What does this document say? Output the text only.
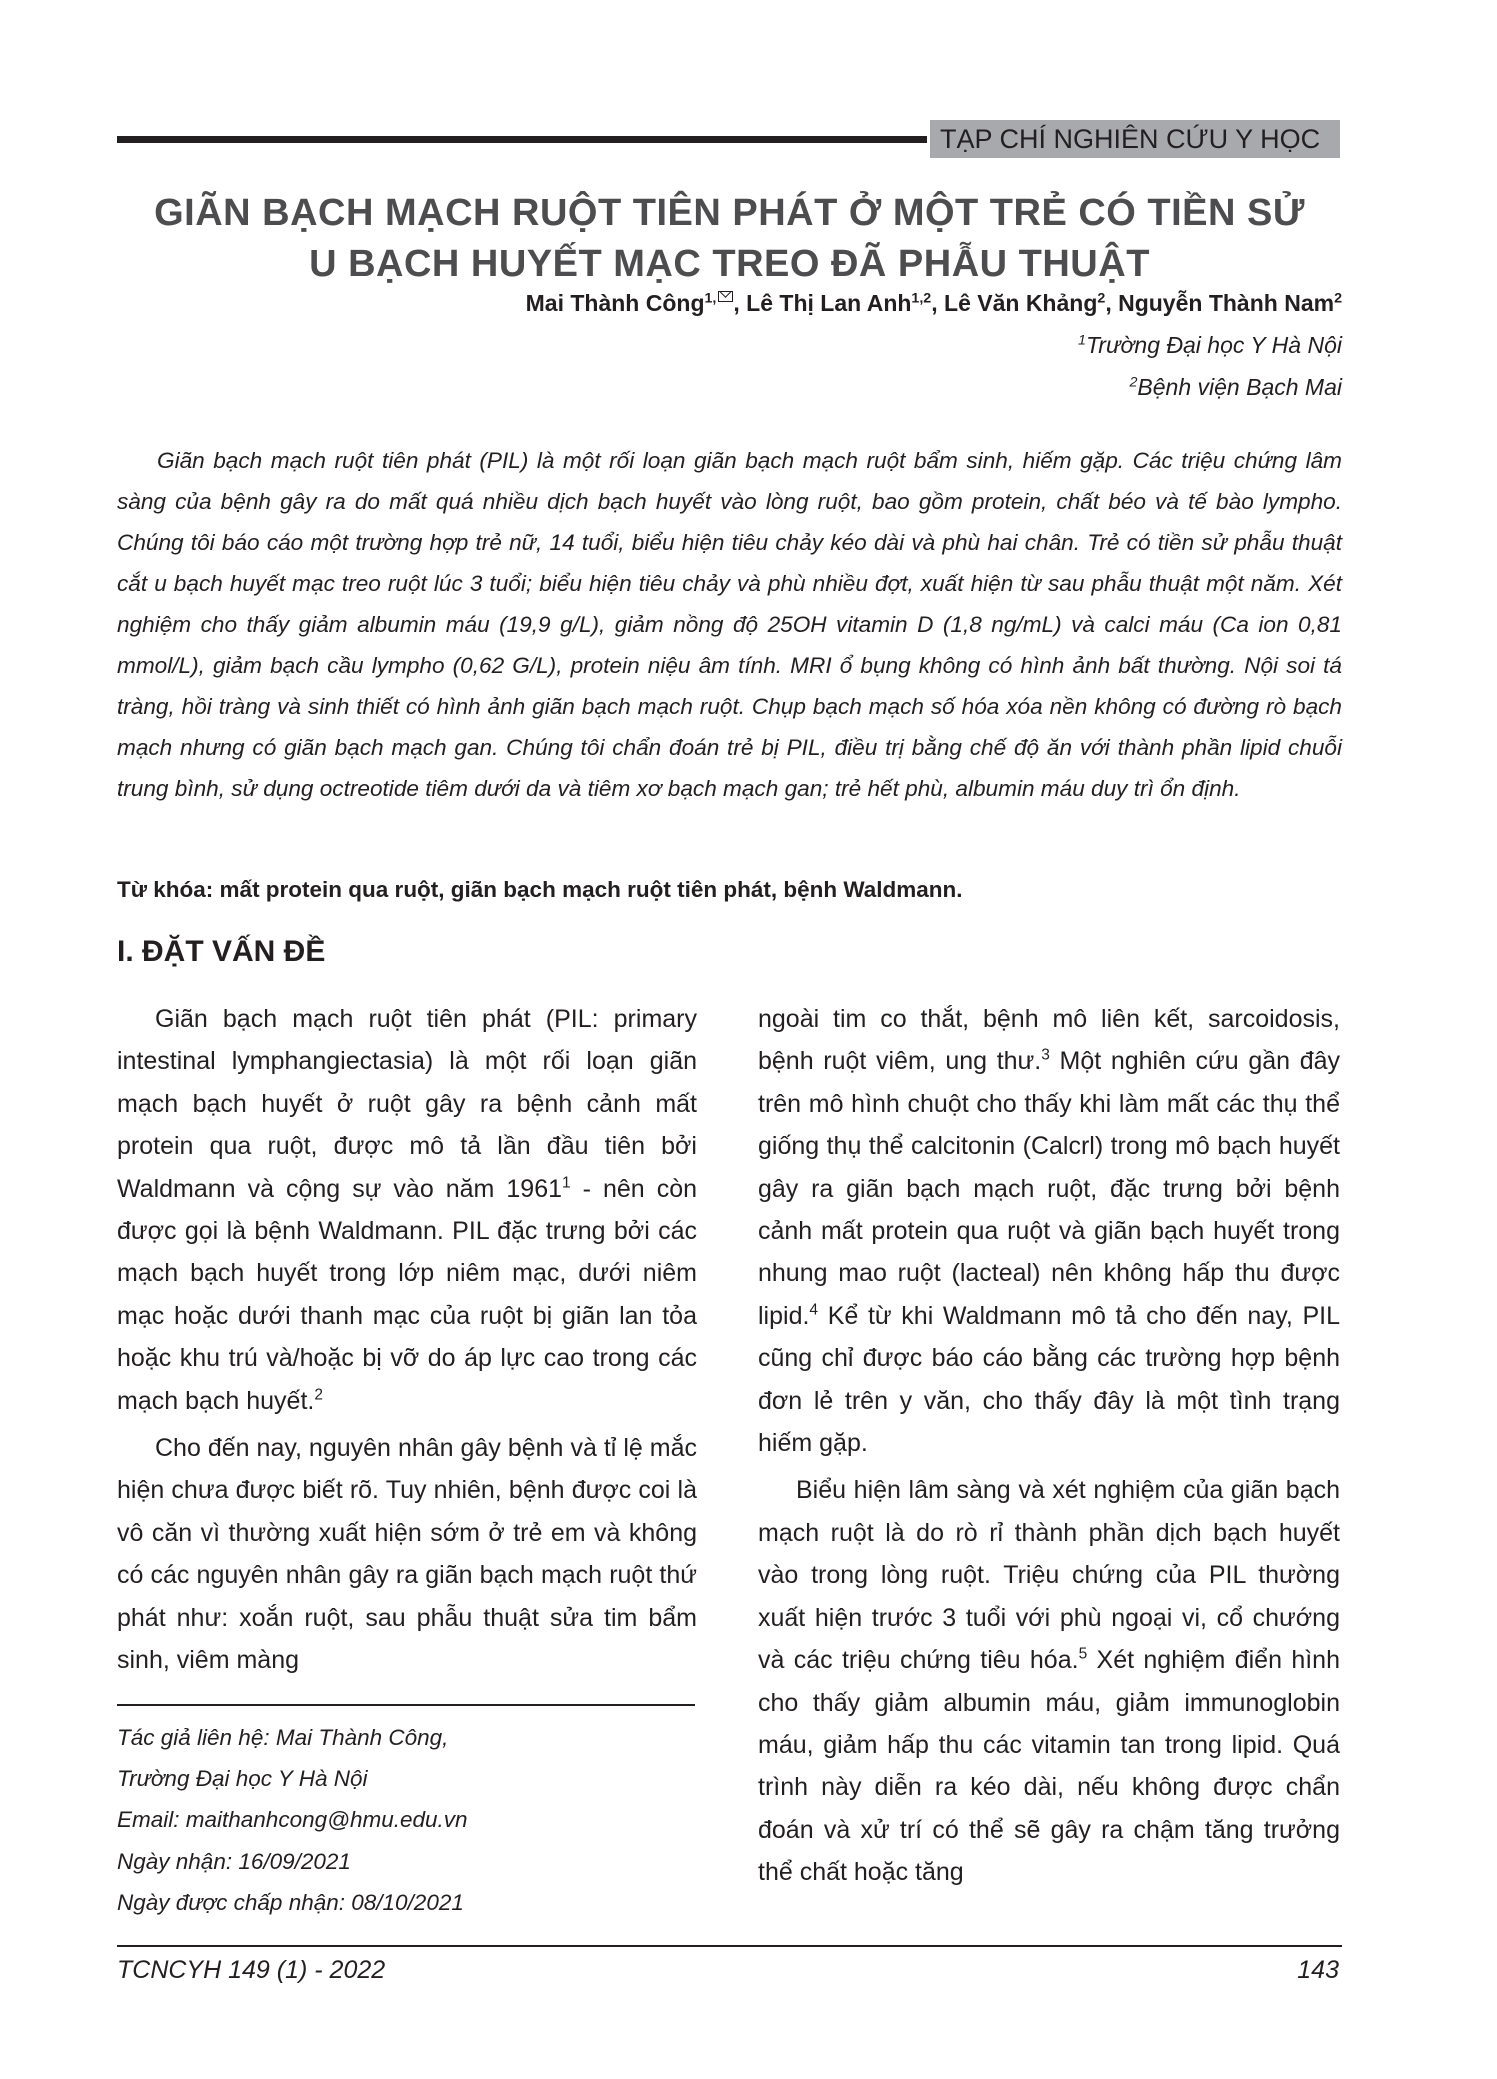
TẠP CHÍ NGHIÊN CỨU Y HỌC
GIÃN BẠCH MẠCH RUỘT TIÊN PHÁT Ở MỘT TRẺ CÓ TIỀN SỬ
U BẠCH HUYẾT MẠC TREO ĐÃ PHẪU THUẬT
Mai Thành Công$^{1,}$ , Lê Thị Lan Anh$^{1,2}$, Lê Văn Khảng$^2$, Nguyễn Thành Nam$^2$
$^1$Trường Đại học Y Hà Nội
$^2$Bệnh viện Bạch Mai
Giãn bạch mạch ruột tiên phát (PIL) là một rối loạn giãn bạch mạch ruột bẩm sinh, hiếm gặp. Các triệu chứng lâm sàng của bệnh gây ra do mất quá nhiều dịch bạch huyết vào lòng ruột, bao gồm protein, chất béo và tế bào lympho. Chúng tôi báo cáo một trường hợp trẻ nữ, 14 tuổi, biểu hiện tiêu chảy kéo dài và phù hai chân. Trẻ có tiền sử phẫu thuật cắt u bạch huyết mạc treo ruột lúc 3 tuổi; biểu hiện tiêu chảy và phù nhiều đợt, xuất hiện từ sau phẫu thuật một năm. Xét nghiệm cho thấy giảm albumin máu (19,9 g/L), giảm nồng độ 25OH vitamin D (1,8 ng/mL) và calci máu (Ca ion 0,81 mmol/L), giảm bạch cầu lympho (0,62 G/L), protein niệu âm tính. MRI ổ bụng không có hình ảnh bất thường. Nội soi tá tràng, hồi tràng và sinh thiết có hình ảnh giãn bạch mạch ruột. Chụp bạch mạch số hóa xóa nền không có đường rò bạch mạch nhưng có giãn bạch mạch gan. Chúng tôi chẩn đoán trẻ bị PIL, điều trị bằng chế độ ăn với thành phần lipid chuỗi trung bình, sử dụng octreotide tiêm dưới da và tiêm xơ bạch mạch gan; trẻ hết phù, albumin máu duy trì ổn định.
Từ khóa: mất protein qua ruột, giãn bạch mạch ruột tiên phát, bệnh Waldmann.
I. ĐẶT VẤN ĐỀ

Giãn bạch mạch ruột tiên phát (PIL: primary intestinal lymphangiectasia) là một rối loạn giãn mạch bạch huyết ở ruột gây ra bệnh cảnh mất protein qua ruột, được mô tả lần đầu tiên bởi Waldmann và cộng sự vào năm 1961$^1$ - nên còn được gọi là bệnh Waldmann. PIL đặc trưng bởi các mạch bạch huyết trong lớp niêm mạc, dưới niêm mạc hoặc dưới thanh mạc của ruột bị giãn lan tỏa hoặc khu trú và/hoặc bị vỡ do áp lực cao trong các mạch bạch huyết.$^2$

Cho đến nay, nguyên nhân gây bệnh và tỉ lệ mắc hiện chưa được biết rõ. Tuy nhiên, bệnh được coi là vô căn vì thường xuất hiện sớm ở trẻ em và không có các nguyên nhân gây ra giãn bạch mạch ruột thứ phát như: xoắn ruột, sau phẫu thuật sửa tim bẩm sinh, viêm màng

ngoài tim co thắt, bệnh mô liên kết, sarcoidosis, bệnh ruột viêm, ung thư.$^3$ Một nghiên cứu gần đây trên mô hình chuột cho thấy khi làm mất các thụ thể giống thụ thể calcitonin (Calcrl) trong mô bạch huyết gây ra giãn bạch mạch ruột, đặc trưng bởi bệnh cảnh mất protein qua ruột và giãn bạch huyết trong nhung mao ruột (lacteal) nên không hấp thu được lipid.$^4$ Kể từ khi Waldmann mô tả cho đến nay, PIL cũng chỉ được báo cáo bằng các trường hợp bệnh đơn lẻ trên y văn, cho thấy đây là một tình trạng hiếm gặp.

Biểu hiện lâm sàng và xét nghiệm của giãn bạch mạch ruột là do rò rỉ thành phần dịch bạch huyết vào trong lòng ruột. Triệu chứng của PIL thường xuất hiện trước 3 tuổi với phù ngoại vi, cổ chướng và các triệu chứng tiêu hóa.$^5$ Xét nghiệm điển hình cho thấy giảm albumin máu, giảm immunoglobin máu, giảm hấp thu các vitamin tan trong lipid. Quá trình này diễn ra kéo dài, nếu không được chẩn đoán và xử trí có thể sẽ gây ra chậm tăng trưởng thể chất hoặc tăng

Tác giả liên hệ: Mai Thành Công,
Trường Đại học Y Hà Nội
Email: maithanhcong@hmu.edu.vn
Ngày nhận: 16/09/2021
Ngày được chấp nhận: 08/10/2021
TCNCYH 149 (1) - 2022	143
